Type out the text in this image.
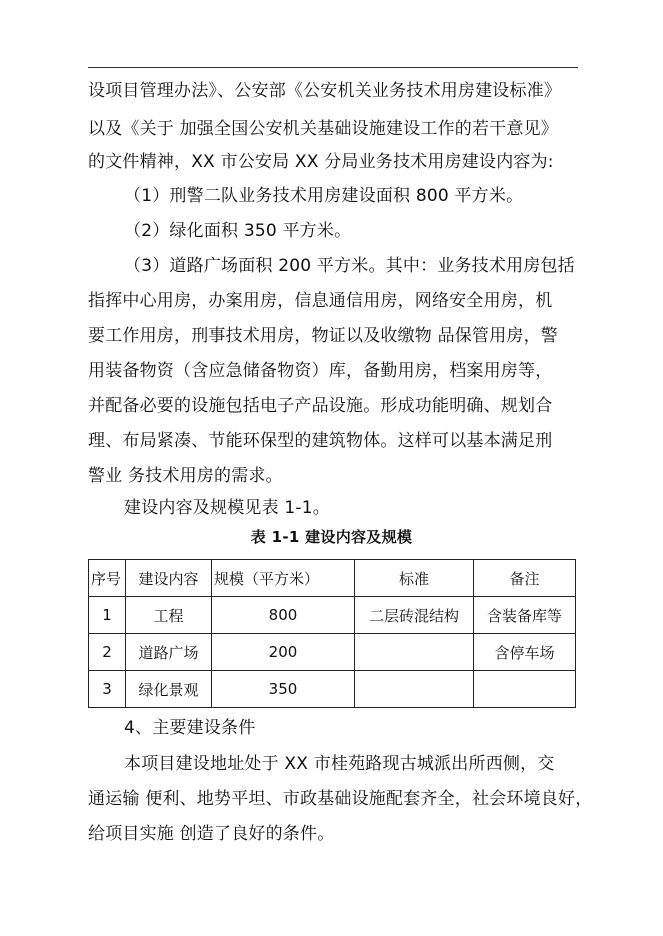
设项目管理办法》、公安部《公安机关业务技术用房建设标准》
以及《关于 加强全国公安机关基础设施建设工作的若干意见》
的文件精神，XX 市公安局 XX 分局业务技术用房建设内容为:
（1）刑警二队业务技术用房建设面积 800 平方米。
（2）绿化面积 350 平方米。
（3）道路广场面积 200 平方米。其中：业务技术用房包括
指挥中心用房，办案用房，信息通信用房，网络安全用房，机
要工作用房，刑事技术用房，物证以及收缴物 品保管用房，警
用装备物资（含应急储备物资）库，备勤用房，档案用房等，
并配备必要的设施包括电子产品设施。形成功能明确、规划合
理、布局紧凑、节能环保型的建筑物体。这样可以基本满足刑
警业 务技术用房的需求。
建设内容及规模见表 1-1。
表 1-1 建设内容及规模
序号	建设内容	规模（平方米）	标准	备注
1	工程	800	二层砖混结构	含装备库等
2	道路广场	200		含停车场
3	绿化景观	350		
4、主要建设条件
本项目建设地址处于 XX 市桂苑路现古城派出所西侧，交
通运输 便利、地势平坦、市政基础设施配套齐全，社会环境良好，
给项目实施 创造了良好的条件。
